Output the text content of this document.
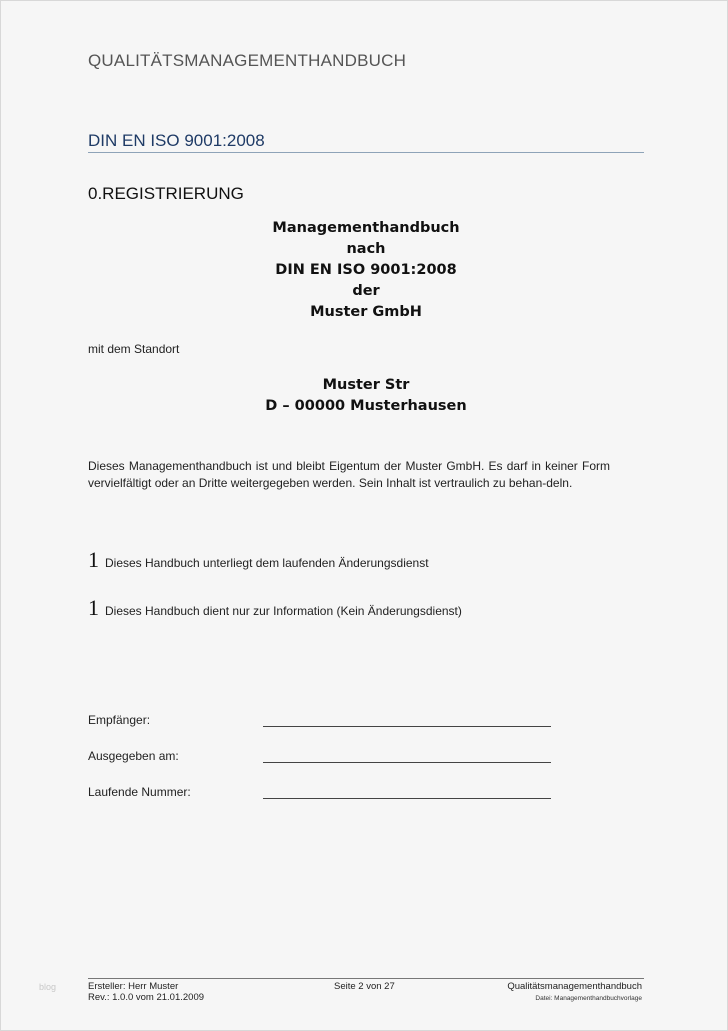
QUALITÄTSMANAGEMENTHANDBUCH
DIN EN ISO 9001:2008
0.REGISTRIERUNG
Managementhandbuch
nach
DIN EN ISO 9001:2008
der
Muster GmbH
mit dem Standort
Muster Str
D – 00000 Musterhausen
Dieses Managementhandbuch ist und bleibt Eigentum der Muster GmbH. Es darf in keiner Form vervielfältigt oder an Dritte weitergegeben werden. Sein Inhalt ist vertraulich zu behan-deln.
1 Dieses Handbuch unterliegt dem laufenden Änderungsdienst
1 Dieses Handbuch dient nur zur Information (Kein Änderungsdienst)
Empfänger:
Ausgegeben am:
Laufende Nummer:
blog	Ersteller: Herr Muster
Rev.: 1.0.0 vom 21.01.2009
Seite 2 von 27	Qualitätsmanagementhandbuch
Datei: Managementhandbuchvorlage
